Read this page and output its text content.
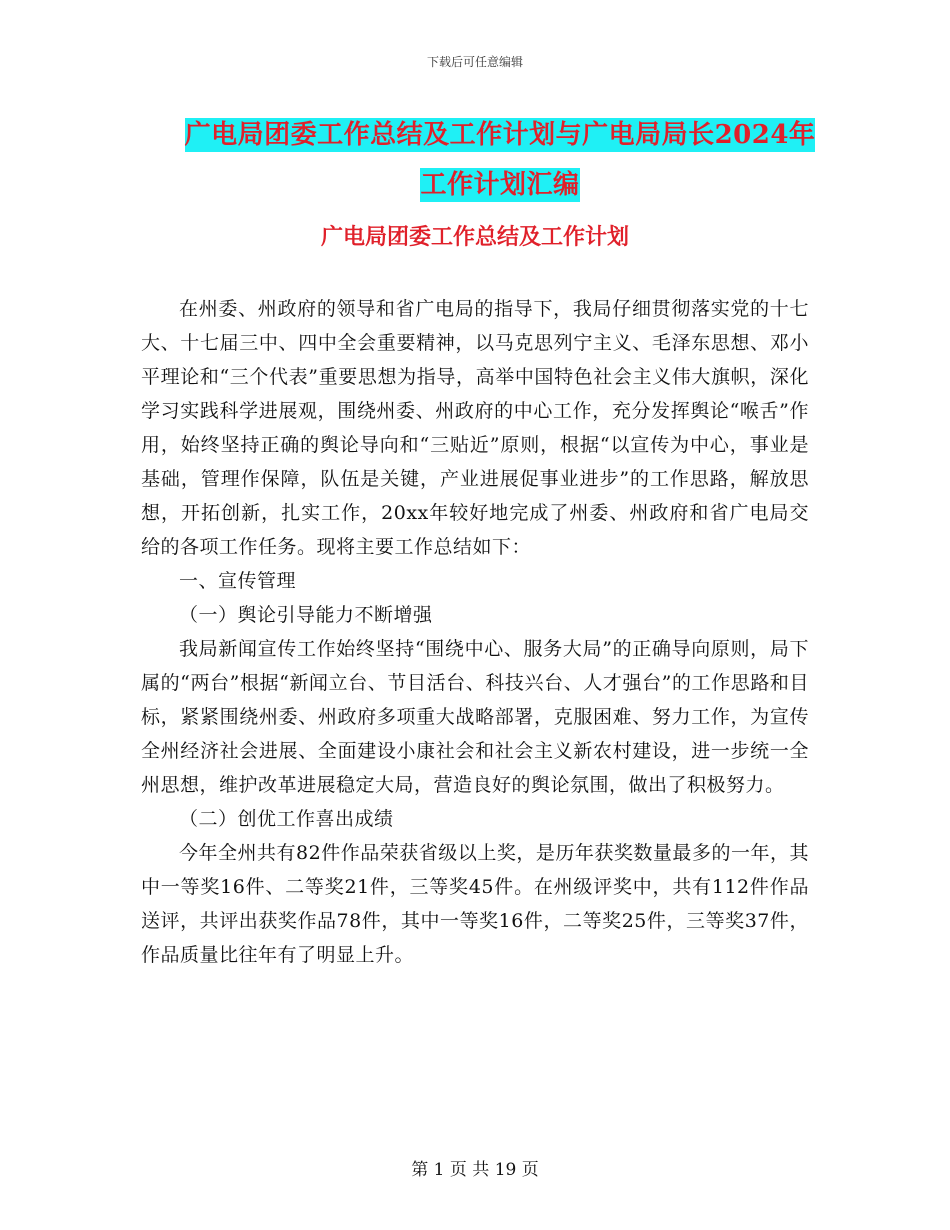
下载后可任意编辑
广电局团委工作总结及工作计划与广电局局长2024年
工作计划汇编
广电局团委工作总结及工作计划

在州委、州政府的领导和省广电局的指导下，我局仔细贯彻落实党的十七大、十七届三中、四中全会重要精神，以马克思列宁主义、毛泽东思想、邓小平理论和“三个代表”重要思想为指导，高举中国特色社会主义伟大旗帜，深化学习实践科学进展观，围绕州委、州政府的中心工作，充分发挥舆论“喉舌”作用，始终坚持正确的舆论导向和“三贴近”原则，根据“以宣传为中心，事业是基础，管理作保障，队伍是关键，产业进展促事业进步”的工作思路，解放思想，开拓创新，扎实工作，20xx年较好地完成了州委、州政府和省广电局交给的各项工作任务。现将主要工作总结如下：

一、宣传管理

（一）舆论引导能力不断增强

我局新闻宣传工作始终坚持“围绕中心、服务大局”的正确导向原则，局下属的“两台”根据“新闻立台、节目活台、科技兴台、人才强台”的工作思路和目标，紧紧围绕州委、州政府多项重大战略部署，克服困难、努力工作，为宣传全州经济社会进展、全面建设小康社会和社会主义新农村建设，进一步统一全州思想，维护改革进展稳定大局，营造良好的舆论氛围，做出了积极努力。

（二）创优工作喜出成绩

今年全州共有82件作品荣获省级以上奖，是历年获奖数量最多的一年，其中一等奖16件、二等奖21件，三等奖45件。在州级评奖中，共有112件作品送评，共评出获奖作品78件，其中一等奖16件，二等奖25件，三等奖37件，作品质量比往年有了明显上升。

第 1 页 共 19 页
